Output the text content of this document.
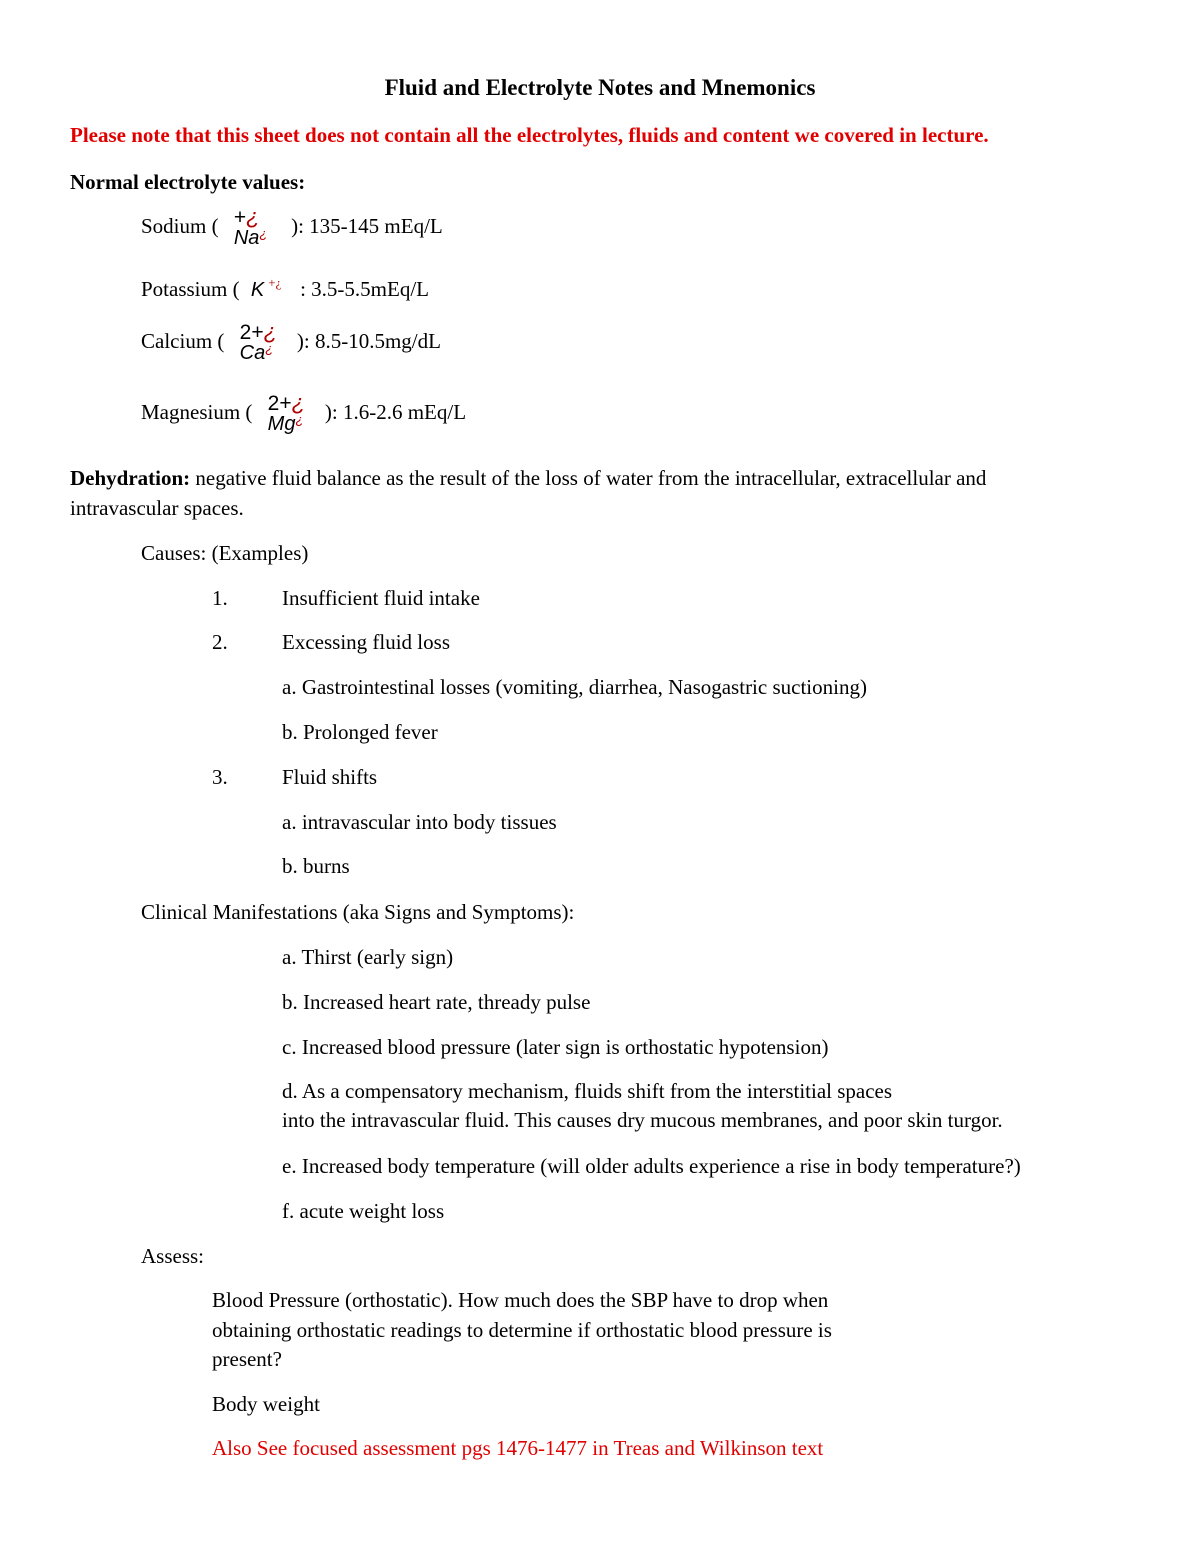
Fluid and Electrolyte Notes and Mnemonics
Please note that this sheet does not contain all the electrolytes, fluids and content we covered in lecture.
Normal electrolyte values:
Sodium ( +¿
Na¿ ): 135-145 mEq/L
Potassium ( K +¿ : 3.5-5.5mEq/L
Calcium ( 2+¿
Ca¿ ): 8.5-10.5mg/dL
Magnesium ( 2+¿
Mg¿ ): 1.6-2.6 mEq/L
Dehydration: negative fluid balance as the result of the loss of water from the intracellular, extracellular and
intravascular spaces.
Causes: (Examples)
1.	Insufficient fluid intake
2.	Excessing fluid loss
a. Gastrointestinal losses (vomiting, diarrhea, Nasogastric suctioning)
b. Prolonged fever
3.	Fluid shifts
a. intravascular into body tissues
b. burns
Clinical Manifestations (aka Signs and Symptoms):
a. Thirst (early sign)
b. Increased heart rate, thready pulse
c. Increased blood pressure (later sign is orthostatic hypotension)
d. As a compensatory mechanism, fluids shift from the interstitial spaces
into the intravascular fluid. This causes dry mucous membranes, and poor skin turgor.
e. Increased body temperature (will older adults experience a rise in body temperature?)
f. acute weight loss
Assess:
Blood Pressure (orthostatic). How much does the SBP have to drop when
obtaining orthostatic readings to determine if orthostatic blood pressure is
present?
Body weight
Also See focused assessment pgs 1476-1477 in Treas and Wilkinson text
